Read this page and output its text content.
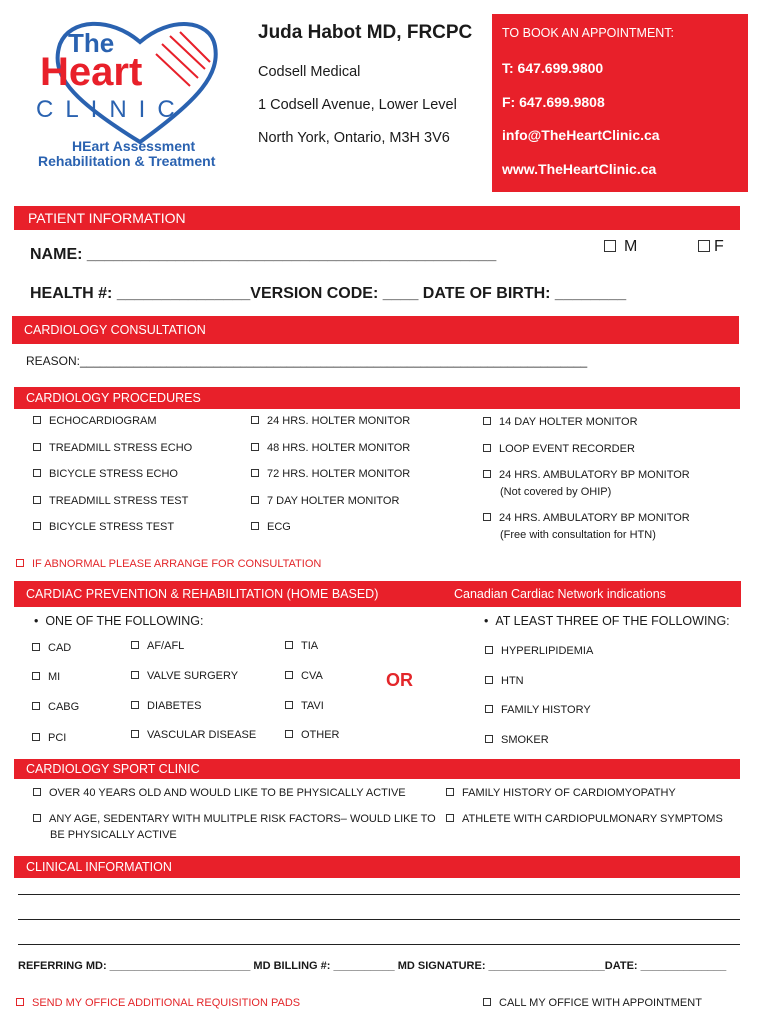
The
Heart
CLINIC
HEart Assessment
Rehabilitation & Treatment
Juda Habot MD, FRCPC
Codsell Medical
1 Codsell Avenue, Lower Level
North York, Ontario, M3H 3V6
TO BOOK AN APPOINTMENT:
T: 647.699.9800
F: 647.699.9808
info@TheHeartClinic.ca
www.TheHeartClinic.ca
PATIENT INFORMATION
NAME: ______________________________________________	M	F
HEALTH #: _______________VERSION CODE: ____ DATE OF BIRTH: ________
CARDIOLOGY CONSULTATION
REASON:____________________________________________________________________________
CARDIOLOGY PROCEDURES
ECHOCARDIOGRAM
TREADMILL STRESS ECHO
BICYCLE STRESS ECHO
TREADMILL STRESS TEST
BICYCLE STRESS TEST
24 HRS. HOLTER MONITOR
48 HRS. HOLTER MONITOR
72 HRS. HOLTER MONITOR
7 DAY HOLTER MONITOR
ECG
14 DAY HOLTER MONITOR
LOOP EVENT RECORDER
24 HRS. AMBULATORY BP MONITOR
(Not covered by OHIP)
24 HRS. AMBULATORY BP MONITOR
(Free with consultation for HTN)
IF ABNORMAL PLEASE ARRANGE FOR CONSULTATION
CARDIAC PREVENTION & REHABILITATION (HOME BASED)	Canadian Cardiac Network indications
•  ONE OF THE FOLLOWING:	•  AT LEAST THREE OF THE FOLLOWING:
CAD
MI
CABG
PCI
AF/AFL
VALVE SURGERY
DIABETES
VASCULAR DISEASE
TIA
CVA
TAVI
OTHER
OR
HYPERLIPIDEMIA
HTN
FAMILY HISTORY
SMOKER
CARDIOLOGY SPORT CLINIC
OVER 40 YEARS OLD AND WOULD LIKE TO BE PHYSICALLY ACTIVE
ANY AGE, SEDENTARY WITH MULITPLE RISK FACTORS– WOULD LIKE TO
BE PHYSICALLY ACTIVE
FAMILY HISTORY OF CARDIOMYOPATHY
ATHLETE WITH CARDIOPULMONARY SYMPTOMS
CLINICAL INFORMATION
REFERRING MD: _______________________ MD BILLING #: __________ MD SIGNATURE: ___________________DATE: ______________
SEND MY OFFICE ADDITIONAL REQUISITION PADS	CALL MY OFFICE WITH APPOINTMENT
